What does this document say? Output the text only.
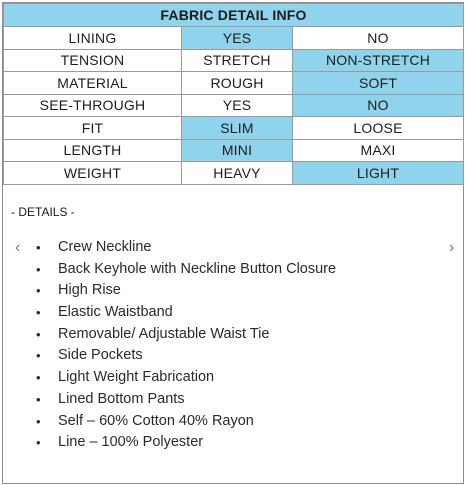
FABRIC DETAIL INFO		
LINING	YES	NO
TENSION	STRETCH	NON-STRETCH
MATERIAL	ROUGH	SOFT
SEE-THROUGH	YES	NO
FIT	SLIM	LOOSE
LENGTH	MINI	MAXI
WEIGHT	HEAVY	LIGHT
- DETAILS -
‹	›
• Crew Neckline
• Back Keyhole with Neckline Button Closure
• High Rise
• Elastic Waistband
• Removable/ Adjustable Waist Tie
• Side Pockets
• Light Weight Fabrication
• Lined Bottom Pants
• Self – 60% Cotton 40% Rayon
• Line – 100% Polyester
